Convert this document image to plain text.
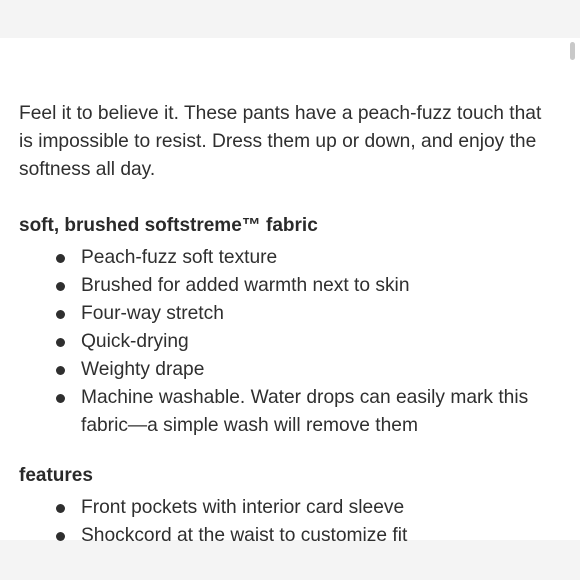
Feel it to believe it. These pants have a peach-fuzz touch that is impossible to resist. Dress them up or down, and enjoy the softness all day.

soft, brushed softstreme™ fabric
Peach-fuzz soft texture
Brushed for added warmth next to skin
Four-way stretch
Quick-drying
Weighty drape
Machine washable. Water drops can easily mark this fabric—a simple wash will remove them
features
Front pockets with interior card sleeve
Shockcord at the waist to customize fit
